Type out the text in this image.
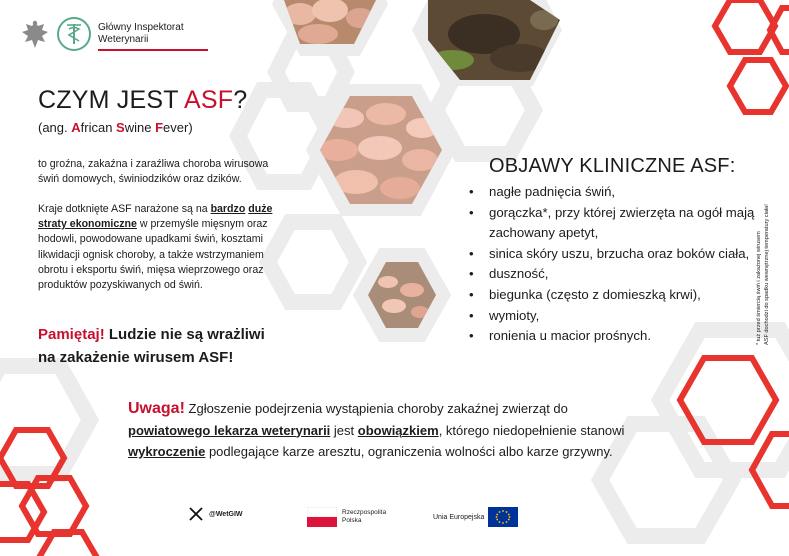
Główny Inspektorat
Weterynarii
CZYM JEST ASF?
(ang. African Swine Fever)
to groźna, zakaźna i zaraźliwa choroba wirusowa
świń domowych, świniodzików oraz dzików.
Kraje dotknięte ASF narażone są na bardzo duże straty ekonomiczne w przemyśle mięsnym oraz hodowli, powodowane upadkami świń, kosztami likwidacji ognisk choroby, a także wstrzymaniem obrotu i eksportu świń, mięsa wieprzowego oraz produktów pozyskiwanych od świń.
Pamiętaj! Ludzie nie są wrażliwi
na zakażenie wirusem ASF!
OBJAWY KLINICZNE ASF:
• nagłe padnięcia świń,
• gorączka*, przy której zwierzęta na ogół mają zachowany apetyt,
• sinica skóry uszu, brzucha oraz boków ciała,
• duszność,
• biegunka (często z domieszką krwi),
• wymioty,
• ronienia u macior prośnych.	* tuż przed śmiercią świń i zakażonej wirusem ASF dochodzi do spadku wewnętrznej temperatury ciała!
Uwaga! Zgłoszenie podejrzenia wystąpienia choroby zakaźnej zwierząt do
powiatowego lekarza weterynarii jest obowiązkiem, którego niedopełnienie stanowi wykroczenie podlegające karze aresztu, ograniczenia wolności albo karze grzywny.
@WetGIW	Rzeczpospolita
Polska	Unia Europejska
